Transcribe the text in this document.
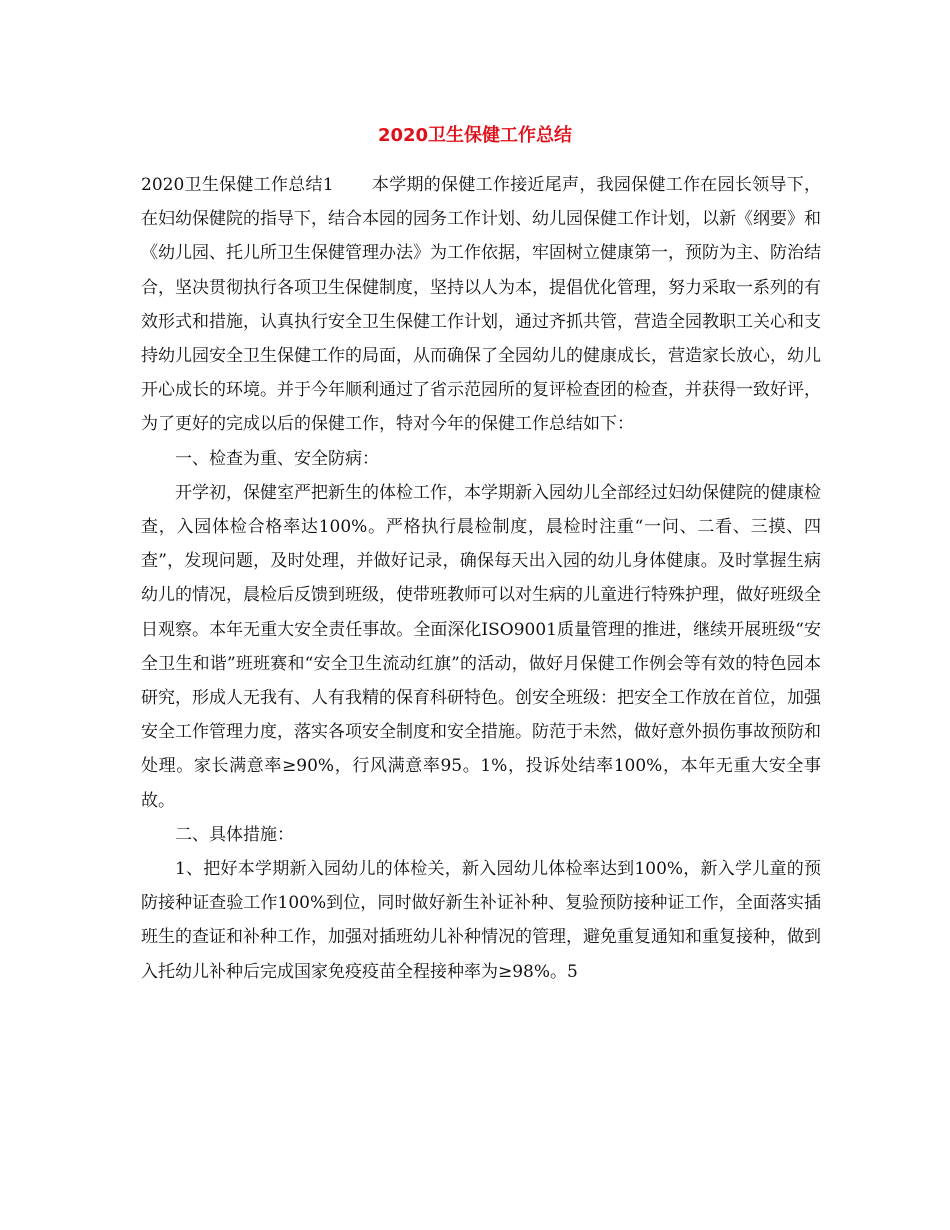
2020卫生保健工作总结

2020卫生保健工作总结1 本学期的保健工作接近尾声，我园保健工作在园长领导下，在妇幼保健院的指导下，结合本园的园务工作计划、幼儿园保健工作计划，以新《纲要》和《幼儿园、托儿所卫生保健管理办法》为工作依据，牢固树立健康第一，预防为主、防治结合，坚决贯彻执行各项卫生保健制度，坚持以人为本，提倡优化管理，努力采取一系列的有效形式和措施，认真执行安全卫生保健工作计划，通过齐抓共管，营造全园教职工关心和支持幼儿园安全卫生保健工作的局面，从而确保了全园幼儿的健康成长，营造家长放心，幼儿开心成长的环境。并于今年顺利通过了省示范园所的复评检查团的检查，并获得一致好评，为了更好的完成以后的保健工作，特对今年的保健工作总结如下：

一、检查为重、安全防病：

开学初，保健室严把新生的体检工作，本学期新入园幼儿全部经过妇幼保健院的健康检查，入园体检合格率达100%。严格执行晨检制度，晨检时注重“一问、二看、三摸、四查”，发现问题，及时处理，并做好记录，确保每天出入园的幼儿身体健康。及时掌握生病幼儿的情况，晨检后反馈到班级，使带班教师可以对生病的儿童进行特殊护理，做好班级全日观察。本年无重大安全责任事故。全面深化ISO9001质量管理的推进，继续开展班级“安全卫生和谐”班班赛和“安全卫生流动红旗”的活动，做好月保健工作例会等有效的特色园本研究，形成人无我有、人有我精的保育科研特色。创安全班级：把安全工作放在首位，加强安全工作管理力度，落实各项安全制度和安全措施。防范于未然，做好意外损伤事故预防和处理。家长满意率≥90%，行风满意率95。1%，投诉处结率100%，本年无重大安全事故。

二、具体措施：

1、把好本学期新入园幼儿的体检关，新入园幼儿体检率达到100%，新入学儿童的预防接种证查验工作100%到位，同时做好新生补证补种、复验预防接种证工作，全面落实插班生的查证和补种工作，加强对插班幼儿补种情况的管理，避免重复通知和重复接种，做到入托幼儿补种后完成国家免疫疫苗全程接种率为≥98%。5
